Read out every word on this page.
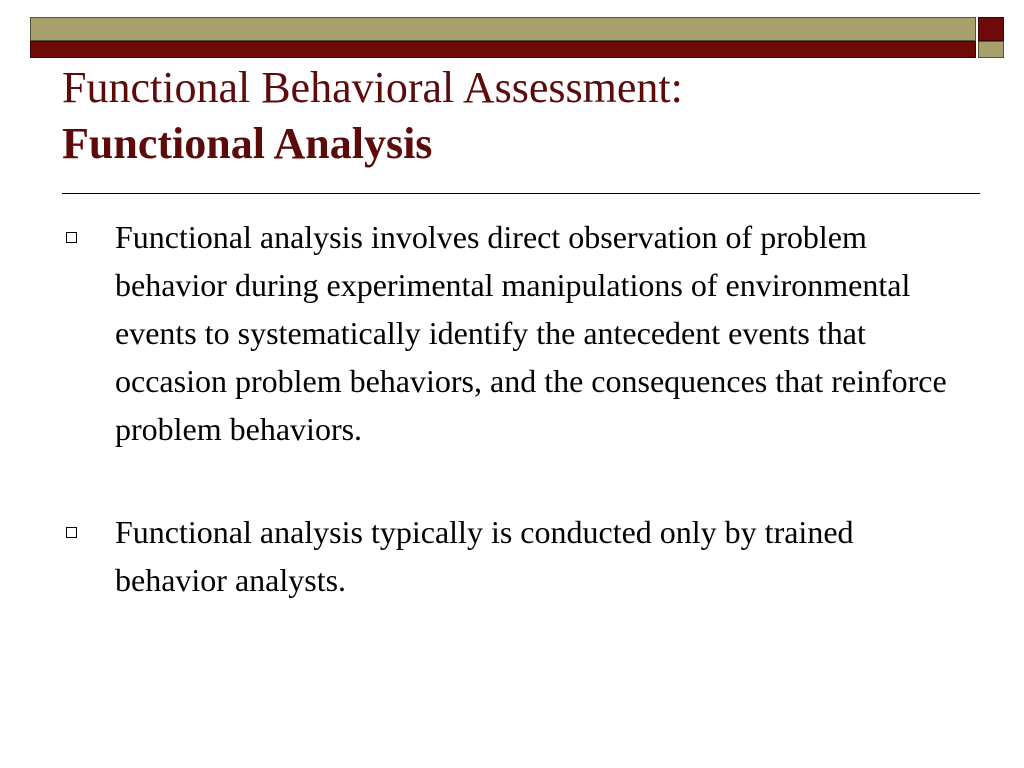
Functional Behavioral Assessment:
Functional Analysis
Functional analysis involves direct observation of problem behavior during experimental manipulations of environmental events to systematically identify the antecedent events that occasion problem behaviors, and the consequences that reinforce problem behaviors.
Functional analysis typically is conducted only by trained behavior analysts.
